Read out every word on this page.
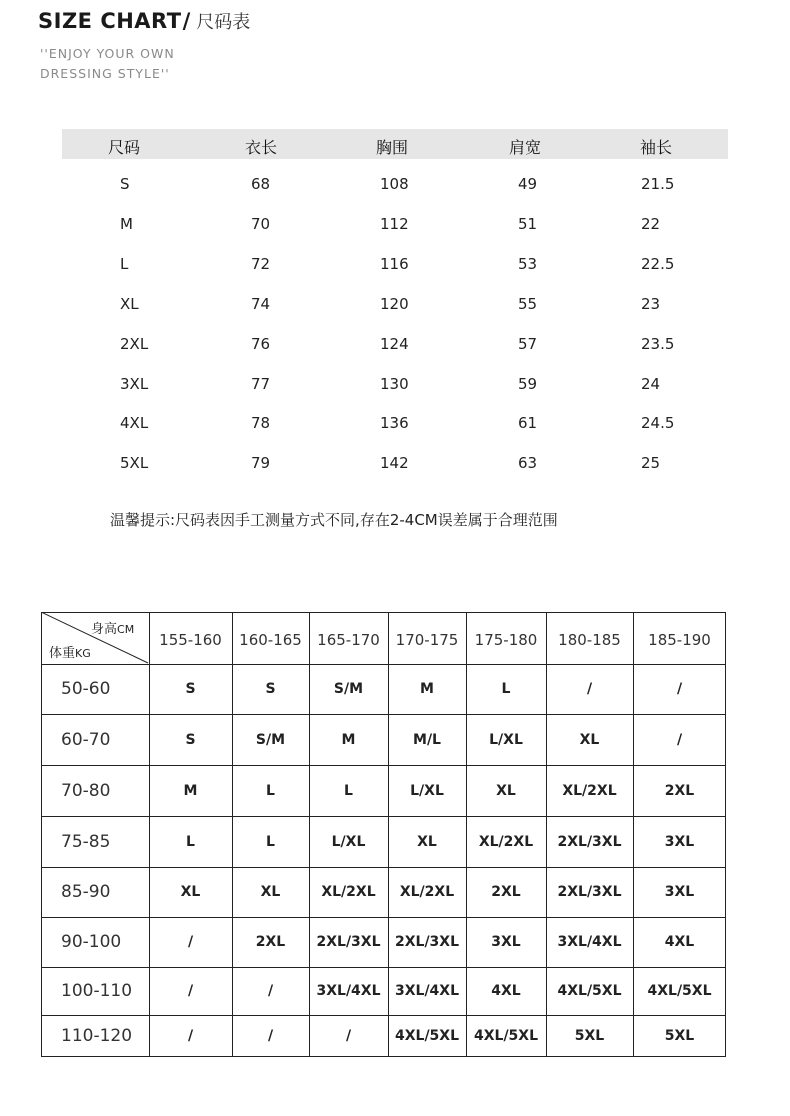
SIZE CHART / 尺码表
''ENJOY YOUR OWN
DRESSING STYLE''
尺码	衣长	胸围	肩宽	袖长
S	68	108	49	21.5
M	70	112	51	22
L	72	116	53	22.5
XL	74	120	55	23
2XL	76	124	57	23.5
3XL	77	130	59	24
4XL	78	136	61	24.5
5XL	79	142	63	25
温馨提示:尺码表因手工测量方式不同,存在2-4CM误差属于合理范围
身高CM
体重KG
155-160	160-165	165-170	170-175	175-180	180-185	185-190
50-60	S	S	S/M	M	L	/	/
60-70	S	S/M	M	M/L	L/XL	XL	/
70-80	M	L	L	L/XL	XL	XL/2XL	2XL
75-85	L	L	L/XL	XL	XL/2XL	2XL/3XL	3XL
85-90	XL	XL	XL/2XL	XL/2XL	2XL	2XL/3XL	3XL
90-100	/	2XL	2XL/3XL	2XL/3XL	3XL	3XL/4XL	4XL
100-110	/	/	3XL/4XL	3XL/4XL	4XL	4XL/5XL	4XL/5XL
110-120	/	/	/	4XL/5XL	4XL/5XL	5XL	5XL
